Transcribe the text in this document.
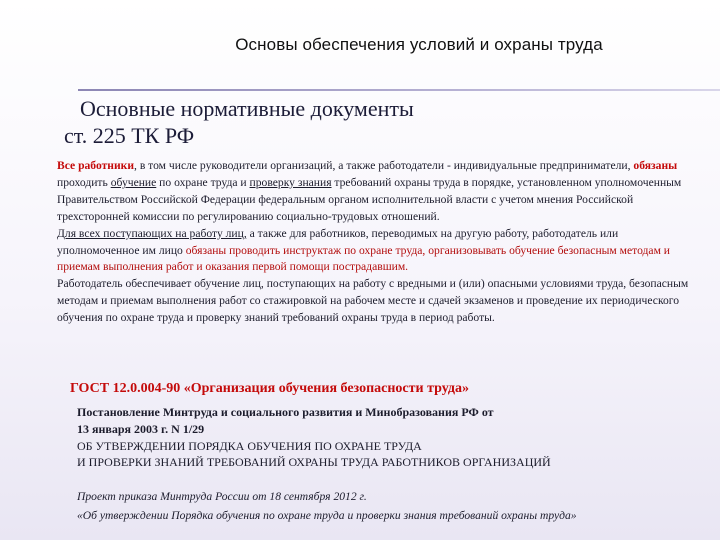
Основы обеспечения условий и охраны труда
Основные нормативные документы
ст. 225 ТК РФ

Все работники, в том числе руководители организаций, а также работодатели - индивидуальные предприниматели, обязаны проходить обучение по охране труда и проверку знания требований охраны труда в порядке, установленном уполномоченным Правительством Российской Федерации федеральным органом исполнительной власти с учетом мнения Российской трехсторонней комиссии по регулированию социально-трудовых отношений.

Для всех поступающих на работу лиц, а также для работников, переводимых на другую работу, работодатель или уполномоченное им лицо обязаны проводить инструктаж по охране труда, организовывать обучение безопасным методам и приемам выполнения работ и оказания первой помощи пострадавшим.

Работодатель обеспечивает обучение лиц, поступающих на работу с вредными и (или) опасными условиями труда, безопасным методам и приемам выполнения работ со стажировкой на рабочем месте и сдачей экзаменов и проведение их периодического обучения по охране труда и проверку знаний требований охраны труда в период работы.

ГОСТ 12.0.004-90 «Организация обучения безопасности труда»
Постановление Минтруда и социального развития и Минобразования РФ от
13 января 2003 г. N 1/29
ОБ УТВЕРЖДЕНИИ ПОРЯДКА ОБУЧЕНИЯ ПО ОХРАНЕ ТРУДА
И ПРОВЕРКИ ЗНАНИЙ ТРЕБОВАНИЙ ОХРАНЫ ТРУДА РАБОТНИКОВ ОРГАНИЗАЦИЙ
Проект приказа Минтруда России от 18 сентября 2012 г.
«Об утверждении Порядка обучения по охране труда и проверки знания требований охраны труда»
